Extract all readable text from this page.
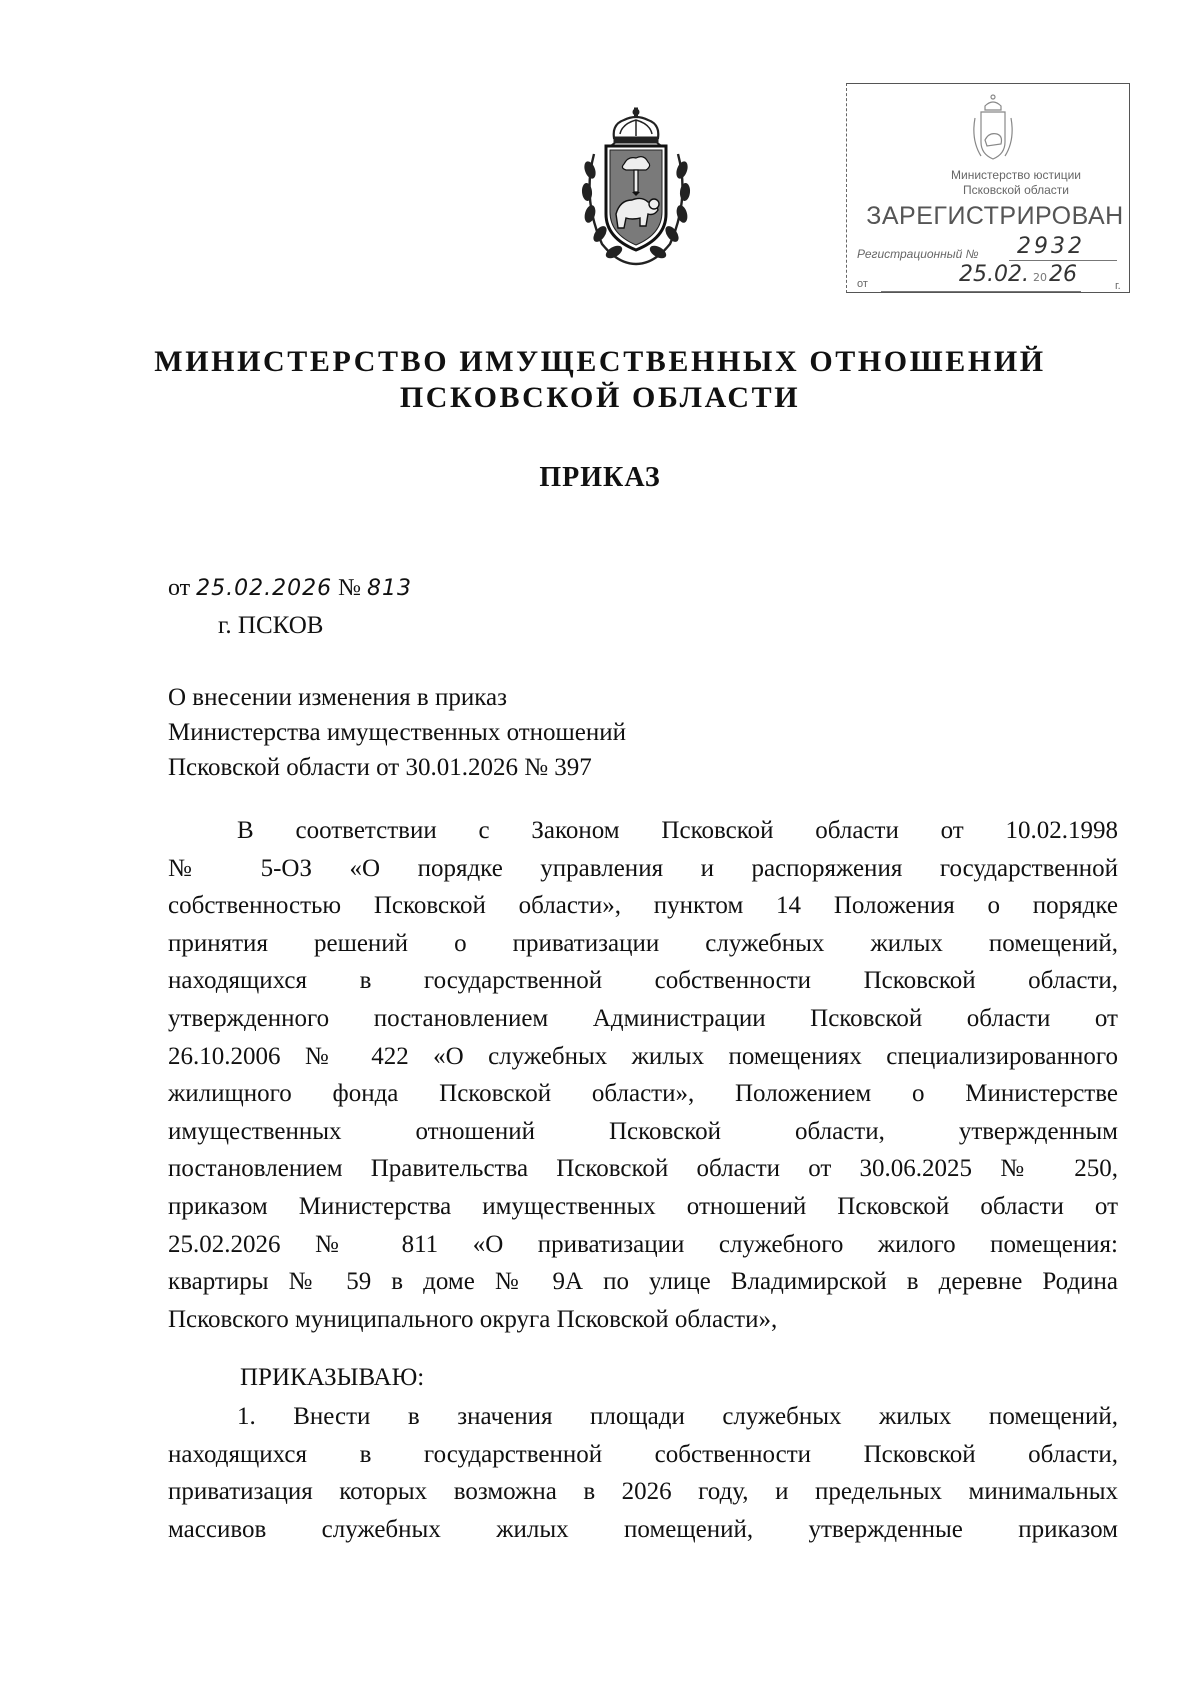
Министерство юстиции
Псковской области
ЗАРЕГИСТРИРОВАН
Регистрационный №	2932
от	25.02. 2026	г.
МИНИСТЕРСТВО ИМУЩЕСТВЕННЫХ ОТНОШЕНИЙ
ПСКОВСКОЙ ОБЛАСТИ
ПРИКАЗ
от 25.02.2026 № 813
г. ПСКОВ
О внесении изменения в приказ
Министерства имущественных отношений
Псковской области от 30.01.2026 № 397
В соответствии с Законом Псковской области от 10.02.1998
№ 5-ОЗ «О порядке управления и распоряжения государственной
собственностью Псковской области», пунктом 14 Положения о порядке
принятия решений о приватизации служебных жилых помещений,
находящихся в государственной собственности Псковской области,
утвержденного постановлением Администрации Псковской области от
26.10.2006 № 422 «О служебных жилых помещениях специализированного
жилищного фонда Псковской области», Положением о Министерстве
имущественных отношений Псковской области, утвержденным
постановлением Правительства Псковской области от 30.06.2025 № 250,
приказом Министерства имущественных отношений Псковской области от
25.02.2026 № 811 «О приватизации служебного жилого помещения:
квартиры № 59 в доме № 9А по улице Владимирской в деревне Родина
Псковского муниципального округа Псковской области»,
ПРИКАЗЫВАЮ:
1. Внести в значения площади служебных жилых помещений,
находящихся в государственной собственности Псковской области,
приватизация которых возможна в 2026 году, и предельных минимальных
массивов служебных жилых помещений, утвержденные приказом
